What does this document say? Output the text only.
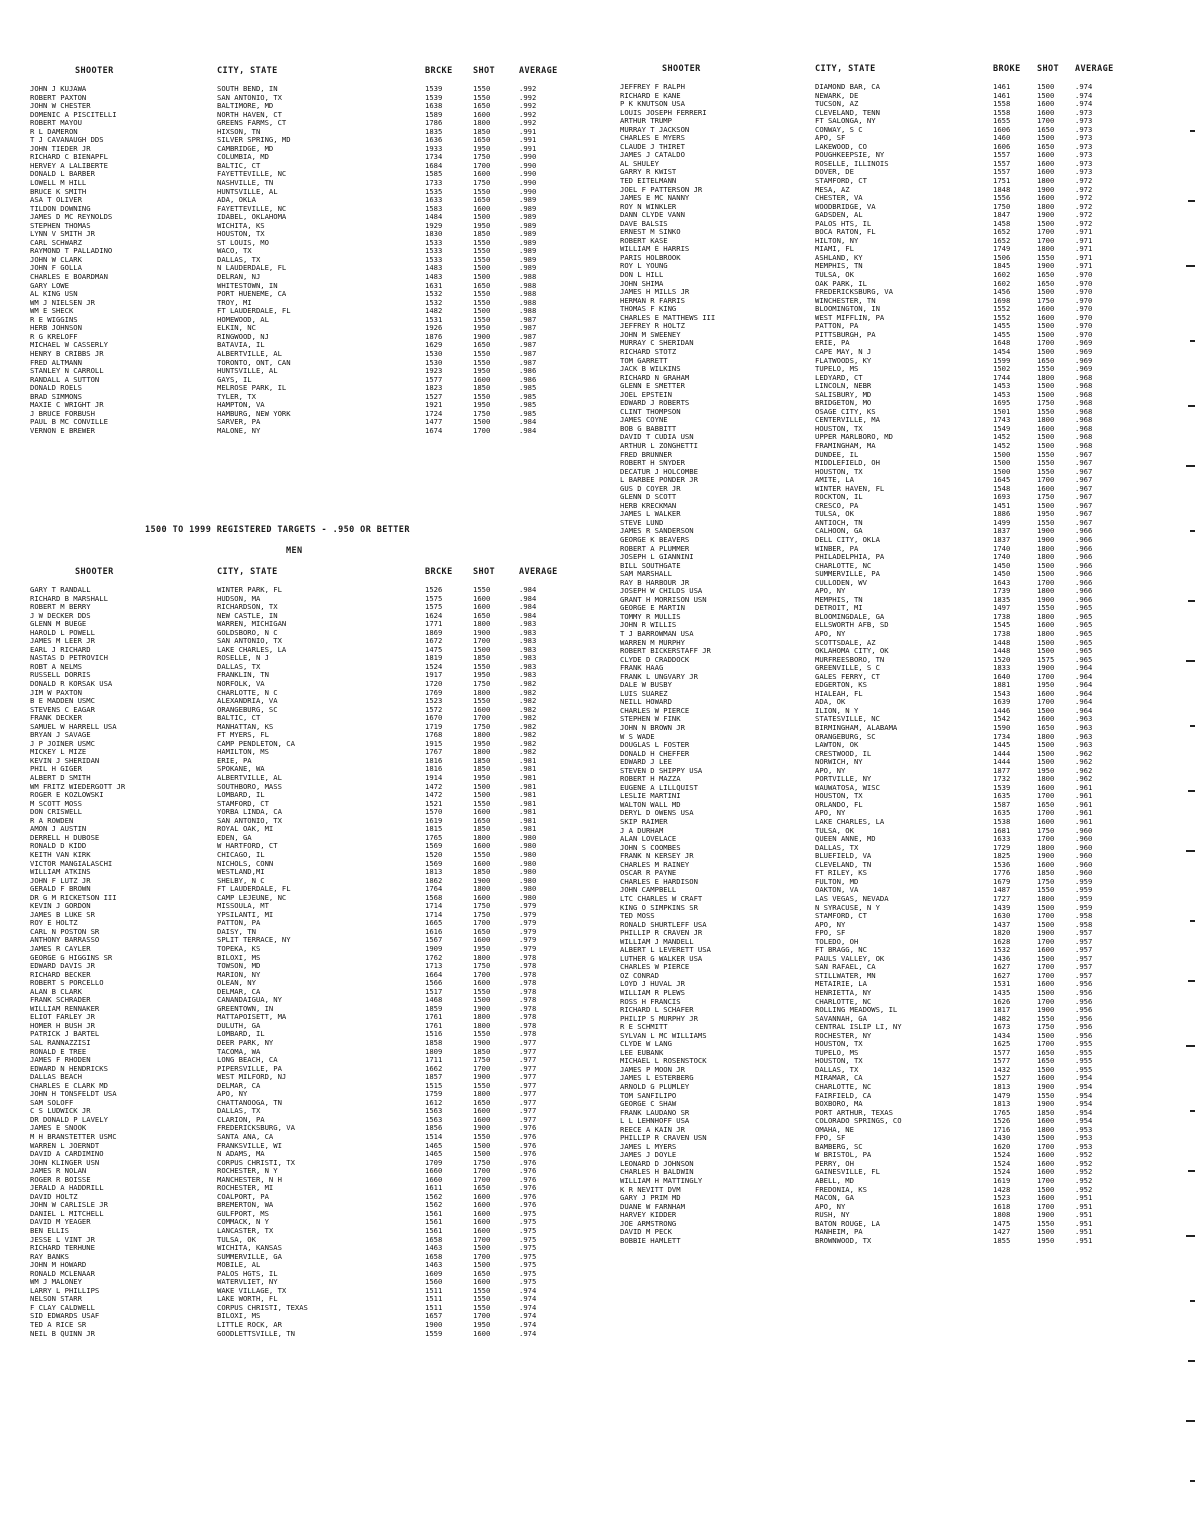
SHOOTER	CITY, STATE	BRCKE	SHOT	AVERAGE
JOHN J KUJAWA	SOUTH BEND, IN	1539	1550	.992
ROBERT PAXTON	SAN ANTONIO, TX	1539	1550	.992
JOHN W CHESTER	BALTIMORE, MD	1638	1650	.992
DOMENIC A PISCITELLI	NORTH HAVEN, CT	1589	1600	.992
ROBERT MAYOU	GREENS FARMS, CT	1786	1800	.992
R L DAMERON	HIXSON, TN	1835	1850	.991
T J CAVANAUGH DDS	SILVER SPRING, MD	1636	1650	.991
JOHN TIEDER JR	CAMBRIDGE, MD	1933	1950	.991
RICHARD C BIENAPFL	COLUMBIA, MD	1734	1750	.990
HERVEY A LALIBERTE	BALTIC, CT	1684	1700	.990
DONALD L BARBER	FAYETTEVILLE, NC	1585	1600	.990
LOWELL M HILL	NASHVILLE, TN	1733	1750	.990
BRUCE K SMITH	HUNTSVILLE, AL	1535	1550	.990
ASA T OLIVER	ADA, OKLA	1633	1650	.989
TILDON DOWNING	FAYETTEVILLE, NC	1583	1600	.989
JAMES D MC REYNOLDS	IDABEL, OKLAHOMA	1484	1500	.989
STEPHEN THOMAS	WICHITA, KS	1929	1950	.989
LYNN V SMITH JR	HOUSTON, TX	1830	1850	.989
CARL SCHWARZ	ST LOUIS, MO	1533	1550	.989
RAYMOND T PALLADINO	WACO, TX	1533	1550	.989
JOHN W CLARK	DALLAS, TX	1533	1550	.989
JOHN F GOLLA	N LAUDERDALE, FL	1483	1500	.989
CHARLES E BOARDMAN	DELRAN, NJ	1483	1500	.988
GARY LOWE	WHITESTOWN, IN	1631	1650	.988
AL KING USN	PORT HUENEME, CA	1532	1550	.988
WM J NIELSEN JR	TROY, MI	1532	1550	.988
WM E SHECK	FT LAUDERDALE, FL	1482	1500	.988
R E WIGGINS	HOMEWOOD, AL	1531	1550	.987
HERB JOHNSON	ELKIN, NC	1926	1950	.987
R G KRELOFF	RINGWOOD, NJ	1876	1900	.987
MICHAEL W CASSERLY	BATAVIA, IL	1629	1650	.987
HENRY B CRIBBS JR	ALBERTVILLE, AL	1530	1550	.987
FRED ALTMANN	TORONTO, ONT, CAN	1530	1550	.987
STANLEY N CARROLL	HUNTSVILLE, AL	1923	1950	.986
RANDALL A SUTTON	GAYS, IL	1577	1600	.986
DONALD ROELS	MELROSE PARK, IL	1823	1850	.985
BRAD SIMMONS	TYLER, TX	1527	1550	.985
MAXIE C WRIGHT JR	HAMPTON, VA	1921	1950	.985
J BRUCE FORBUSH	HAMBURG, NEW YORK	1724	1750	.985
PAUL B MC CONVILLE	SARVER, PA	1477	1500	.984
VERNON E BREWER	MALONE, NY	1674	1700	.984
1500 TO 1999 REGISTERED TARGETS - .950 OR BETTER
MEN
SHOOTER	CITY, STATE	BRCKE	SHOT	AVERAGE
GARY T RANDALL	WINTER PARK, FL	1526	1550	.984
RICHARD B MARSHALL	HUDSON, MA	1575	1600	.984
ROBERT M BERRY	RICHARDSON, TX	1575	1600	.984
J W DECKER DDS	NEW CASTLE, IN	1624	1650	.984
GLENN M BUEGE	WARREN, MICHIGAN	1771	1800	.983
HAROLD L POWELL	GOLDSBORO, N C	1869	1900	.983
JAMES M LEER JR	SAN ANTONIO, TX	1672	1700	.983
EARL J RICHARD	LAKE CHARLES, LA	1475	1500	.983
NASTAS D PETROVICH	ROSELLE, N J	1819	1850	.983
ROBT A NELMS	DALLAS, TX	1524	1550	.983
RUSSELL DORRIS	FRANKLIN, TN	1917	1950	.983
DONALD R KORSAK USA	NORFOLK, VA	1720	1750	.982
JIM W PAXTON	CHARLOTTE, N C	1769	1800	.982
B E MADDEN USMC	ALEXANDRIA, VA	1523	1550	.982
STEVENS C EAGAR	ORANGEBURG, SC	1572	1600	.982
FRANK DECKER	BALTIC, CT	1670	1700	.982
SAMUEL W HARRELL USA	MANHATTAN, KS	1719	1750	.982
BRYAN J SAVAGE	FT MYERS, FL	1768	1800	.982
J P JOINER USMC	CAMP PENDLETON, CA	1915	1950	.982
MICKEY L MIZE	HAMILTON, MS	1767	1800	.982
KEVIN J SHERIDAN	ERIE, PA	1816	1850	.981
PHIL H GIGER	SPOKANE, WA	1816	1850	.981
ALBERT D SMITH	ALBERTVILLE, AL	1914	1950	.981
WM FRITZ WIEDERGOTT JR	SOUTHBORO, MASS	1472	1500	.981
ROGER E KOZLOWSKI	LOMBARD, IL	1472	1500	.981
M SCOTT MOSS	STAMFORD, CT	1521	1550	.981
DON CRISWELL	YORBA LINDA, CA	1570	1600	.981
R A ROWDEN	SAN ANTONIO, TX	1619	1650	.981
AMON J AUSTIN	ROYAL OAK, MI	1815	1850	.981
DERRELL H DUBOSE	EDEN, GA	1765	1800	.980
RONALD D KIDD	W HARTFORD, CT	1569	1600	.980
KEITH VAN KIRK	CHICAGO, IL	1520	1550	.980
VICTOR MANGIALASCHI	NICHOLS, CONN	1569	1600	.980
WILLIAM ATKINS	WESTLAND,MI	1813	1850	.980
JOHN F LUTZ JR	SHELBY, N C	1862	1900	.980
GERALD F BROWN	FT LAUDERDALE, FL	1764	1800	.980
DR G M RICKETSON III	CAMP LEJEUNE, NC	1568	1600	.980
KEVIN J GORDON	MISSOULA, MT	1714	1750	.979
JAMES B LUKE SR	YPSILANTI, MI	1714	1750	.979
ROY E HOLTZ	PATTON, PA	1665	1700	.979
CARL N POSTON SR	DAISY, TN	1616	1650	.979
ANTHONY BARRASSO	SPLIT TERRACE, NY	1567	1600	.979
JAMES R CAYLER	TOPEKA, KS	1909	1950	.979
GEORGE G HIGGINS SR	BILOXI, MS	1762	1800	.978
EDWARD DAVIS JR	TOWSON, MD	1713	1750	.978
RICHARD BECKER	MARION, NY	1664	1700	.978
ROBERT S PORCELLO	OLEAN, NY	1566	1600	.978
ALAN B CLARK	DELMAR, CA	1517	1550	.978
FRANK SCHRADER	CANANDAIGUA, NY	1468	1500	.978
WILLIAM RENNAKER	GREENTOWN, IN	1859	1900	.978
ELIOT FARLEY JR	MATTAPOISETT, MA	1761	1800	.978
HOMER H BUSH JR	DULUTH, GA	1761	1800	.978
PATRICK J BARTEL	LOMBARD, IL	1516	1550	.978
SAL RANNAZZISI	DEER PARK, NY	1858	1900	.977
RONALD E TREE	TACOMA, WA	1809	1850	.977
JAMES F RHODEN	LONG BEACH, CA	1711	1750	.977
EDWARD N HENDRICKS	PIPERSVILLE, PA	1662	1700	.977
DALLAS BEACH	WEST MILFORD, NJ	1857	1900	.977
CHARLES E CLARK MD	DELMAR, CA	1515	1550	.977
JOHN H TONSFELDT USA	APO, NY	1759	1800	.977
SAM SOLOFF	CHATTANOOGA, TN	1612	1650	.977
C S LUDWICK JR	DALLAS, TX	1563	1600	.977
DR DONALD P LAVELY	CLARION, PA	1563	1600	.977
JAMES E SNOOK	FREDERICKSBURG, VA	1856	1900	.976
M H BRANSTETTER USMC	SANTA ANA, CA	1514	1550	.976
WARREN L JOERNDT	FRANKSVILLE, WI	1465	1500	.976
DAVID A CARDIMINO	N ADAMS, MA	1465	1500	.976
JOHN KLINGER USN	CORPUS CHRISTI, TX	1709	1750	.976
JAMES R NOLAN	ROCHESTER, N Y	1660	1700	.976
ROGER R BOISSE	MANCHESTER, N H	1660	1700	.976
JERALD A HADDRILL	ROCHESTER, MI	1611	1650	.976
DAVID HOLTZ	COALPORT, PA	1562	1600	.976
JOHN W CARLISLE JR	BREMERTON, WA	1562	1600	.976
DANIEL L MITCHELL	GULFPORT, MS	1561	1600	.975
DAVID M YEAGER	COMMACK, N Y	1561	1600	.975
BEN ELLIS	LANCASTER, TX	1561	1600	.975
JESSE L VINT JR	TULSA, OK	1658	1700	.975
RICHARD TERHUNE	WICHITA, KANSAS	1463	1500	.975
RAY BANKS	SUMMERVILLE, GA	1658	1700	.975
JOHN M HOWARD	MOBILE, AL	1463	1500	.975
RONALD MCLENAAR	PALOS HGTS, IL	1609	1650	.975
WM J MALONEY	WATERVLIET, NY	1560	1600	.975
LARRY L PHILLIPS	WAKE VILLAGE, TX	1511	1550	.974
NELSON STARR	LAKE WORTH, FL	1511	1550	.974
F CLAY CALDWELL	CORPUS CHRISTI, TEXAS	1511	1550	.974
SID EDWARDS USAF	BILOXI, MS	1657	1700	.974
TED A RICE SR	LITTLE ROCK, AR	1900	1950	.974
NEIL B QUINN JR	GOODLETTSVILLE, TN	1559	1600	.974
SHOOTER	CITY, STATE	BROKE	SHOT	AVERAGE
JEFFREY F RALPH	DIAMOND BAR, CA	1461	1500	.974
RICHARD E KANE	NEWARK, DE	1461	1500	.974
P K KNUTSON USA	TUCSON, AZ	1558	1600	.974
LOUIS JOSEPH FERRERI	CLEVELAND, TENN	1558	1600	.973
ARTHUR TRUMP	FT SALONGA, NY	1655	1700	.973
MURRAY T JACKSON	CONWAY, S C	1606	1650	.973
CHARLES E MYERS	APO, SF	1460	1500	.973
CLAUDE J THIRET	LAKEWOOD, CO	1606	1650	.973
JAMES J CATALDO	POUGHKEEPSIE, NY	1557	1600	.973
AL SHULEY	ROSELLE, ILLINOIS	1557	1600	.973
GARRY R KWIST	DOVER, DE	1557	1600	.973
TED EITELMANN	STAMFORD, CT	1751	1800	.972
JOEL F PATTERSON JR	MESA, AZ	1848	1900	.972
JAMES E MC NANNY	CHESTER, VA	1556	1600	.972
ROY N WINKLER	WOODBRIDGE, VA	1750	1800	.972
DANN CLYDE VANN	GADSDEN, AL	1847	1900	.972
DAVE BALSIS	PALOS HTS, IL	1458	1500	.972
ERNEST M SINKO	BOCA RATON, FL	1652	1700	.971
ROBERT KASE	HILTON, NY	1652	1700	.971
WILLIAM E HARRIS	MIAMI, FL	1749	1800	.971
PARIS HOLBROOK	ASHLAND, KY	1506	1550	.971
ROY L YOUNG	MEMPHIS, TN	1845	1900	.971
DON L HILL	TULSA, OK	1602	1650	.970
JOHN SHIMA	OAK PARK, IL	1602	1650	.970
JAMES H MILLS JR	FREDERICKSBURG, VA	1456	1500	.970
HERMAN R FARRIS	WINCHESTER, TN	1698	1750	.970
THOMAS F KING	BLOOMINGTON, IN	1552	1600	.970
CHARLES E MATTHEWS III	WEST MIFFLIN, PA	1552	1600	.970
JEFFREY R HOLTZ	PATTON, PA	1455	1500	.970
JOHN M SWEENEY	PITTSBURGH, PA	1455	1500	.970
MURRAY C SHERIDAN	ERIE, PA	1648	1700	.969
RICHARD STOTZ	CAPE MAY, N J	1454	1500	.969
TOM GARRETT	FLATWOODS, KY	1599	1650	.969
JACK B WILKINS	TUPELO, MS	1502	1550	.969
RICHARD N GRAHAM	LEDYARD, CT	1744	1800	.968
GLENN E SMETTER	LINCOLN, NEBR	1453	1500	.968
JOEL EPSTEIN	SALISBURY, MD	1453	1500	.968
EDWARD J ROBERTS	BRIDGETON, MO	1695	1750	.968
CLINT THOMPSON	OSAGE CITY, KS	1501	1550	.968
JAMES COYNE	CENTERVILLE, MA	1743	1800	.968
BOB G BABBITT	HOUSTON, TX	1549	1600	.968
DAVID T CUDIA USN	UPPER MARLBORO, MD	1452	1500	.968
ARTHUR L ZONGHETTI	FRAMINGHAM, MA	1452	1500	.968
FRED BRUNNER	DUNDEE, IL	1500	1550	.967
ROBERT H SNYDER	MIDDLEFIELD, OH	1500	1550	.967
DECATUR J HOLCOMBE	HOUSTON, TX	1500	1550	.967
L BARBEE PONDER JR	AMITE, LA	1645	1700	.967
GUS D COYER JR	WINTER HAVEN, FL	1548	1600	.967
GLENN D SCOTT	ROCKTON, IL	1693	1750	.967
HERB KRECKMAN	CRESCO, PA	1451	1500	.967
JAMES L WALKER	TULSA, OK	1886	1950	.967
STEVE LUND	ANTIOCH, TN	1499	1550	.967
JAMES R SANDERSON	CALHOON, GA	1837	1900	.966
GEORGE K BEAVERS	DELL CITY, OKLA	1837	1900	.966
ROBERT A PLUMMER	WINBER, PA	1740	1800	.966
JOSEPH L GIANNINI	PHILADELPHIA, PA	1740	1800	.966
BILL SOUTHGATE	CHARLOTTE, NC	1450	1500	.966
SAM MARSHALL	SUMMERVILLE, PA	1450	1500	.966
RAY B HARBOUR JR	CULLODEN, WV	1643	1700	.966
JOSEPH W CHILDS USA	APO, NY	1739	1800	.966
GRANT H MORRISON USN	MEMPHIS, TN	1835	1900	.966
GEORGE E MARTIN	DETROIT, MI	1497	1550	.965
TOMMY R MULLIS	BLOOMINGDALE, GA	1738	1800	.965
JOHN R WILLIS	ELLSWORTH AFB, SD	1545	1600	.965
T J BARROWMAN USA	APO, NY	1738	1800	.965
WARREN M MURPHY	SCOTTSDALE, AZ	1448	1500	.965
ROBERT BICKERSTAFF JR	OKLAHOMA CITY, OK	1448	1500	.965
CLYDE D CRADDOCK	MURFREESBORO, TN	1520	1575	.965
FRANK HAAG	GREENVILLE, S C	1833	1900	.964
FRANK L UNGVARY JR	GALES FERRY, CT	1640	1700	.964
DALE W BUSBY	EDGERTON, KS	1881	1950	.964
LUIS SUAREZ	HIALEAH, FL	1543	1600	.964
NEILL HOWARD	ADA, OK	1639	1700	.964
CHARLES W PIERCE	ILION, N Y	1446	1500	.964
STEPHEN W FINK	STATESVILLE, NC	1542	1600	.963
JOHN N BROWN JR	BIRMINGHAM, ALABAMA	1590	1650	.963
W S WADE	ORANGEBURG, SC	1734	1800	.963
DOUGLAS L FOSTER	LAWTON, OK	1445	1500	.963
DONALD H CHEFFER	CRESTWOOD, IL	1444	1500	.962
EDWARD J LEE	NORWICH, NY	1444	1500	.962
STEVEN D SHIPPY USA	APO, NY	1877	1950	.962
ROBERT H MAZZA	PORTVILLE, NY	1732	1800	.962
EUGENE A LILLQUIST	WAUWATOSA, WISC	1539	1600	.961
LESLIE MARTINI	HOUSTON, TX	1635	1700	.961
WALTON WALL MD	ORLANDO, FL	1587	1650	.961
DERYL D OWENS USA	APO, NY	1635	1700	.961
SKIP RAIMER	LAKE CHARLES, LA	1538	1600	.961
J A DURHAM	TULSA, OK	1681	1750	.960
ALAN LOVELACE	QUEEN ANNE, MD	1633	1700	.960
JOHN S COOMBES	DALLAS, TX	1729	1800	.960
FRANK N KERSEY JR	BLUEFIELD, VA	1825	1900	.960
CHARLES M RAINEY	CLEVELAND, TN	1536	1600	.960
OSCAR R PAYNE	FT RILEY, KS	1776	1850	.960
CHARLES E HARDISON	FULTON, MD	1679	1750	.959
JOHN CAMPBELL	OAKTON, VA	1487	1550	.959
LTC CHARLES W CRAFT	LAS VEGAS, NEVADA	1727	1800	.959
KING O SIMPKINS SR	N SYRACUSE, N Y	1439	1500	.959
TED MOSS	STAMFORD, CT	1630	1700	.958
RONALD SHURTLEFF USA	APO, NY	1437	1500	.958
PHILLIP R CRAVEN JR	FPO, SF	1820	1900	.957
WILLIAM J MANDELL	TOLEDO, OH	1628	1700	.957
ALBERT L LEVERETT USA	FT BRAGG, NC	1532	1600	.957
LUTHER G WALKER USA	PAULS VALLEY, OK	1436	1500	.957
CHARLES W PIERCE	SAN RAFAEL, CA	1627	1700	.957
OZ CONRAD	STILLWATER, MN	1627	1700	.957
LOYD J HUVAL JR	METAIRIE, LA	1531	1600	.956
WILLIAM R PLEWS	HENRIETTA, NY	1435	1500	.956
ROSS H FRANCIS	CHARLOTTE, NC	1626	1700	.956
RICHARD L SCHAFER	ROLLING MEADOWS, IL	1817	1900	.956
PHILIP S MURPHY JR	SAVANNAH, GA	1482	1550	.956
R E SCHMITT	CENTRAL ISLIP LI, NY	1673	1750	.956
SYLVAN L MC WILLIAMS	ROCHESTER, NY	1434	1500	.956
CLYDE W LANG	HOUSTON, TX	1625	1700	.955
LEE EUBANK	TUPELO, MS	1577	1650	.955
MICHAEL L ROSENSTOCK	HOUSTON, TX	1577	1650	.955
JAMES P MOON JR	DALLAS, TX	1432	1500	.955
JAMES L ESTERBERG	MIRAMAR, CA	1527	1600	.954
ARNOLD G PLUMLEY	CHARLOTTE, NC	1813	1900	.954
TOM SANFILIPO	FAIRFIELD, CA	1479	1550	.954
GEORGE C SHAW	BOXBORO, MA	1813	1900	.954
FRANK LAUDANO SR	PORT ARTHUR, TEXAS	1765	1850	.954
L L LEHNHOFF USA	COLORADO SPRINGS, CO	1526	1600	.954
REECE A KAIN JR	OMAHA, NE	1716	1800	.953
PHILLIP R CRAVEN USN	FPO, SF	1430	1500	.953
JAMES L MYERS	BAMBERG, SC	1620	1700	.953
JAMES J DOYLE	W BRISTOL, PA	1524	1600	.952
LEONARD D JOHNSON	PERRY, OH	1524	1600	.952
CHARLES H BALDWIN	GAINESVILLE, FL	1524	1600	.952
WILLIAM H MATTINGLY	ABELL, MD	1619	1700	.952
K R NEVITT DVM	FREDONIA, KS	1428	1500	.952
GARY J PRIM MD	MACON, GA	1523	1600	.951
DUANE W FARNHAM	APO, NY	1618	1700	.951
HARVEY KIDDER	RUSH, NY	1808	1900	.951
JOE ARMSTRONG	BATON ROUGE, LA	1475	1550	.951
DAVID M PECK	MANHEIM, PA	1427	1500	.951
BOBBIE HAMLETT	BROWNWOOD, TX	1855	1950	.951
